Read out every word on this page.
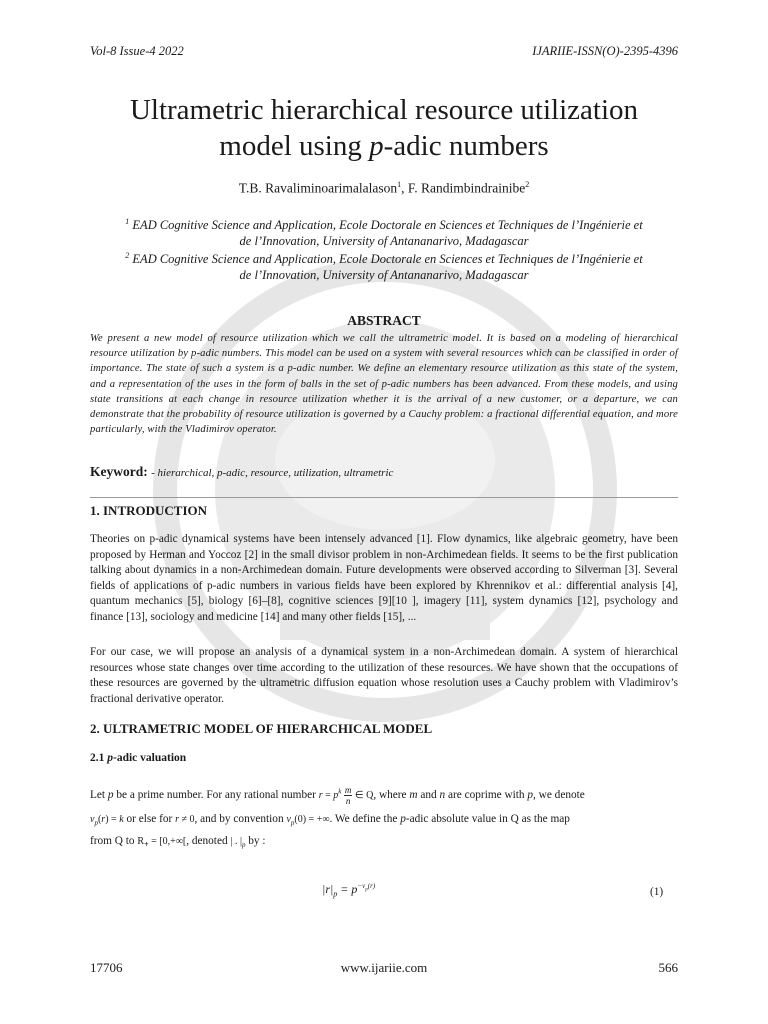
Vol-8 Issue-4 2022	IJARIIE-ISSN(O)-2395-4396
Ultrametric hierarchical resource utilization
model using p-adic numbers
T.B. Ravaliminoarimalalason$^1$, F. Randimbindrainibe$^2$
$^1$ EAD Cognitive Science and Application, Ecole Doctorale en Sciences et Techniques de l’Ingénierie et
de l’Innovation, University of Antananarivo, Madagascar
$^2$ EAD Cognitive Science and Application, Ecole Doctorale en Sciences et Techniques de l’Ingénierie et
de l’Innovation, University of Antananarivo, Madagascar
ABSTRACT
We present a new model of resource utilization which we call the ultrametric model. It is based on a modeling of hierarchical resource utilization by p-adic numbers. This model can be used on a system with several resources which can be classified in order of importance. The state of such a system is a p-adic number. We define an elementary resource utilization as this state of the system, and a representation of the uses in the form of balls in the set of p-adic numbers has been advanced. From these models, and using state transitions at each change in resource utilization whether it is the arrival of a new customer, or a departure, we can demonstrate that the probability of resource utilization is governed by a Cauchy problem: a fractional differential equation, and more particularly, with the Vladimirov operator.
Keyword: - hierarchical, p-adic, resource, utilization, ultrametric
1. INTRODUCTION
Theories on p-adic dynamical systems have been intensely advanced [1]. Flow dynamics, like algebraic geometry, have been proposed by Herman and Yoccoz [2] in the small divisor problem in non-Archimedean fields. It seems to be the first publication talking about dynamics in a non-Archimedean domain. Future developments were observed according to Silverman [3]. Several fields of applications of p-adic numbers in various fields have been explored by Khrennikov et al.: differential analysis [4], quantum mechanics [5], biology [6]–[8], cognitive sciences [9][10 ], imagery [11], system dynamics [12], psychology and finance [13], sociology and medicine [14] and many other fields [15], ...
For our case, we will propose an analysis of a dynamical system in a non-Archimedean domain. A system of hierarchical resources whose state changes over time according to the utilization of these resources. We have shown that the occupations of these resources are governed by the ultrametric diffusion equation whose resolution uses a Cauchy problem with Vladimirov’s fractional derivative operator.
2. ULTRAMETRIC MODEL OF HIERARCHICAL MODEL
2.1 p-adic valuation
Let p be a prime number. For any rational number $r = p^k \frac{m}{n}$ ∈ Q, where m and n are coprime with p, we denote
$v_p(r) = k$ or else for r ≠ 0, and by convention $v_p(0)$ = +∞. We define the p-adic absolute value in Q as the map
from Q to $R_+ = [0,+\infty$[, denoted | . $|_p$ by :
$|r|_p = p^{-v_p(r)}$	(1)
17706	www.ijariie.com	566
